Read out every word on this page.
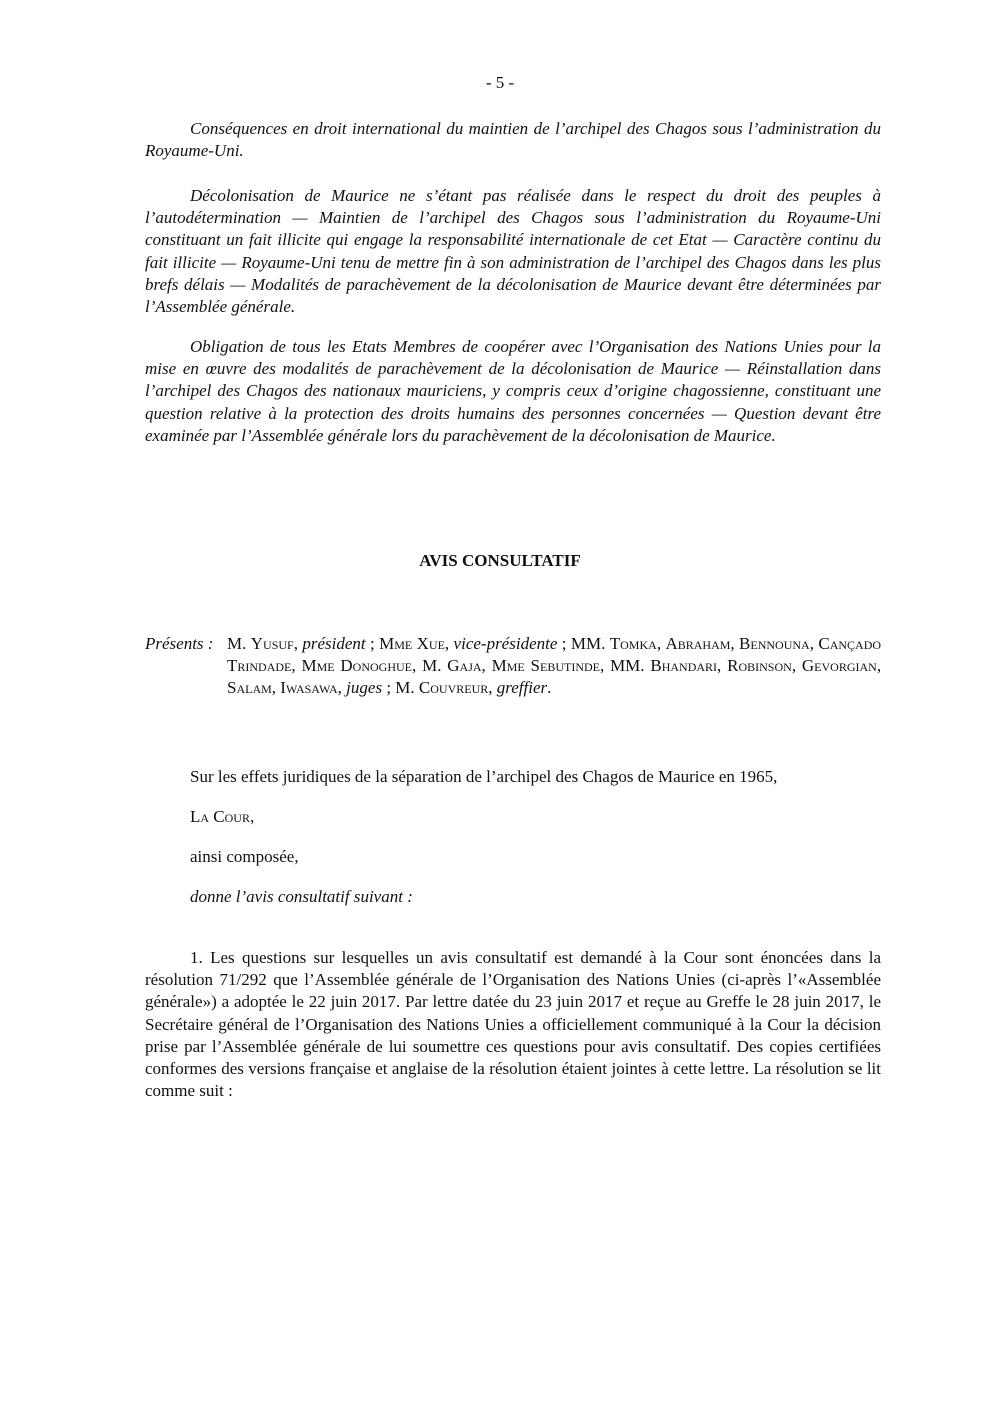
- 5 -
Conséquences en droit international du maintien de l’archipel des Chagos sous l’administration du Royaume-Uni.
Décolonisation de Maurice ne s’étant pas réalisée dans le respect du droit des peuples à l’autodétermination — Maintien de l’archipel des Chagos sous l’administration du Royaume-Uni constituant un fait illicite qui engage la responsabilité internationale de cet Etat — Caractère continu du fait illicite — Royaume-Uni tenu de mettre fin à son administration de l’archipel des Chagos dans les plus brefs délais — Modalités de parachèvement de la décolonisation de Maurice devant être déterminées par l’Assemblée générale.
Obligation de tous les Etats Membres de coopérer avec l’Organisation des Nations Unies pour la mise en œuvre des modalités de parachèvement de la décolonisation de Maurice — Réinstallation dans l’archipel des Chagos des nationaux mauriciens, y compris ceux d’origine chagossienne, constituant une question relative à la protection des droits humains des personnes concernées — Question devant être examinée par l’Assemblée générale lors du parachèvement de la décolonisation de Maurice.
AVIS CONSULTATIF
Présents : M. Yusuf, président ; Mme Xue, vice-présidente ; MM. Tomka, Abraham, Bennouna, Cançado Trindade, Mme Donoghue, M. Gaja, Mme Sebutinde, MM. Bhandari, Robinson, Gevorgian, Salam, Iwasawa, juges ; M. Couvreur, greffier.
Sur les effets juridiques de la séparation de l’archipel des Chagos de Maurice en 1965,
La Cour,
ainsi composée,
donne l’avis consultatif suivant :
1. Les questions sur lesquelles un avis consultatif est demandé à la Cour sont énoncées dans la résolution 71/292 que l’Assemblée générale de l’Organisation des Nations Unies (ci-après l’«Assemblée générale») a adoptée le 22 juin 2017. Par lettre datée du 23 juin 2017 et reçue au Greffe le 28 juin 2017, le Secrétaire général de l’Organisation des Nations Unies a officiellement communiqué à la Cour la décision prise par l’Assemblée générale de lui soumettre ces questions pour avis consultatif. Des copies certifiées conformes des versions française et anglaise de la résolution étaient jointes à cette lettre. La résolution se lit comme suit :
